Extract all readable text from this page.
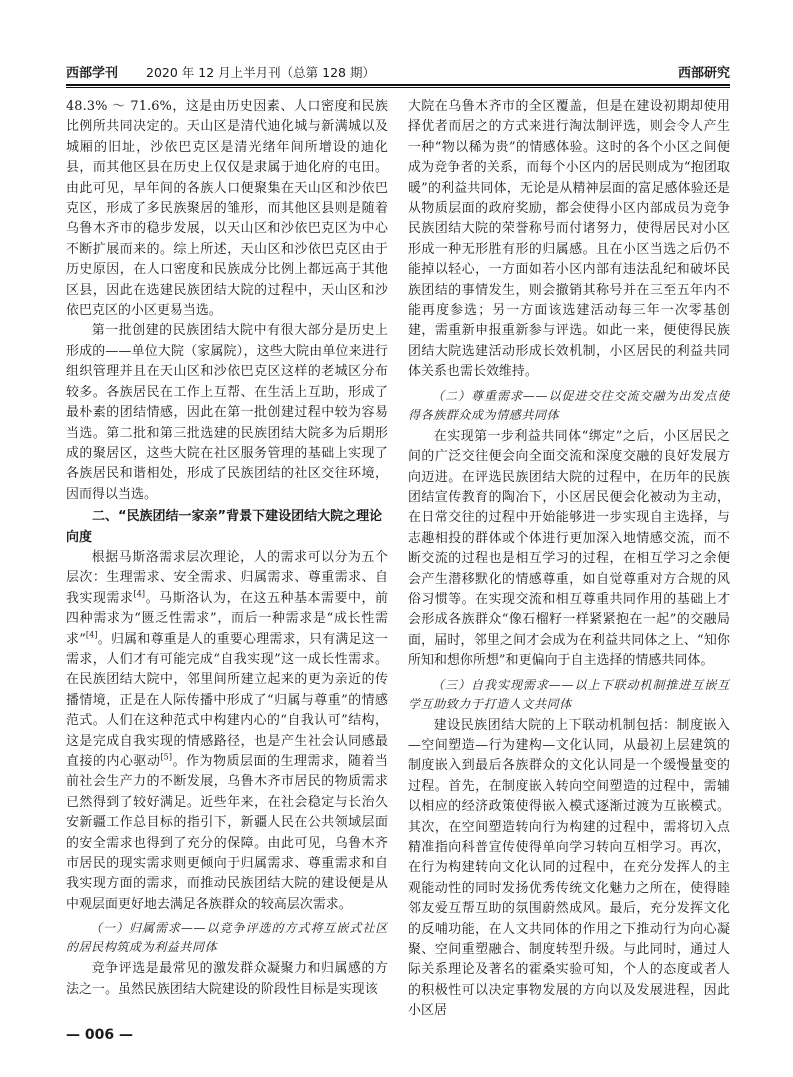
西部学刊 2020 年 12 月上半月刊（总第 128 期）	西部研究

48.3% ～ 71.6%，这是由历史因素、人口密度和民族比例所共同决定的。天山区是清代迪化城与新满城以及城厢的旧址，沙依巴克区是清光绪年间所增设的迪化县，而其他区县在历史上仅仅是隶属于迪化府的屯田。由此可见，早年间的各族人口便聚集在天山区和沙依巴克区，形成了多民族聚居的雏形，而其他区县则是随着乌鲁木齐市的稳步发展，以天山区和沙依巴克区为中心不断扩展而来的。综上所述，天山区和沙依巴克区由于历史原因，在人口密度和民族成分比例上都远高于其他区县，因此在选建民族团结大院的过程中，天山区和沙依巴克区的小区更易当选。

第一批创建的民族团结大院中有很大部分是历史上形成的——单位大院（家属院），这些大院由单位来进行组织管理并且在天山区和沙依巴克区这样的老城区分布较多。各族居民在工作上互帮、在生活上互助，形成了最朴素的团结情感，因此在第一批创建过程中较为容易当选。第二批和第三批选建的民族团结大院多为后期形成的聚居区，这些大院在社区服务管理的基础上实现了各族居民和谐相处，形成了民族团结的社区交往环境，因而得以当选。

二、“民族团结一家亲”背景下建设团结大院之理论向度

根据马斯洛需求层次理论，人的需求可以分为五个层次：生理需求、安全需求、归属需求、尊重需求、自我实现需求[4]。马斯洛认为，在这五种基本需要中，前四种需求为“匮乏性需求”，而后一种需求是“成长性需求”[4]。归属和尊重是人的重要心理需求，只有满足这一需求，人们才有可能完成“自我实现”这一成长性需求。在民族团结大院中，邻里间所建立起来的更为亲近的传播情境，正是在人际传播中形成了“归属与尊重”的情感范式。人们在这种范式中构建内心的“自我认可”结构，这是完成自我实现的情感路径，也是产生社会认同感最直接的内心驱动[5]。作为物质层面的生理需求，随着当前社会生产力的不断发展，乌鲁木齐市居民的物质需求已然得到了较好满足。近些年来，在社会稳定与长治久安新疆工作总目标的指引下，新疆人民在公共领域层面的安全需求也得到了充分的保障。由此可见，乌鲁木齐市居民的现实需求则更倾向于归属需求、尊重需求和自我实现方面的需求，而推动民族团结大院的建设便是从中观层面更好地去满足各族群众的较高层次需求。

（一）归属需求——以竞争评选的方式将互嵌式社区的居民构筑成为利益共同体

竞争评选是最常见的激发群众凝聚力和归属感的方法之一。虽然民族团结大院建设的阶段性目标是实现该

大院在乌鲁木齐市的全区覆盖，但是在建设初期却使用择优者而居之的方式来进行淘汰制评选，则会令人产生一种“物以稀为贵”的情感体验。这时的各个小区之间便成为竞争者的关系，而每个小区内的居民则成为“抱团取暖”的利益共同体，无论是从精神层面的富足感体验还是从物质层面的政府奖励，都会使得小区内部成员为竞争民族团结大院的荣誉称号而付诸努力，使得居民对小区形成一种无形胜有形的归属感。且在小区当选之后仍不能掉以轻心，一方面如若小区内部有违法乱纪和破坏民族团结的事情发生，则会撤销其称号并在三至五年内不能再度参选；另一方面该选建活动每三年一次零基创建，需重新申报重新参与评选。如此一来，便使得民族团结大院选建活动形成长效机制，小区居民的利益共同体关系也需长效维持。

（二）尊重需求——以促进交往交流交融为出发点使得各族群众成为情感共同体

在实现第一步利益共同体“绑定”之后，小区居民之间的广泛交往便会向全面交流和深度交融的良好发展方向迈进。在评选民族团结大院的过程中，在历年的民族团结宣传教育的陶冶下，小区居民便会化被动为主动，在日常交往的过程中开始能够进一步实现自主选择，与志趣相投的群体或个体进行更加深入地情感交流，而不断交流的过程也是相互学习的过程，在相互学习之余便会产生潜移默化的情感尊重，如自觉尊重对方合规的风俗习惯等。在实现交流和相互尊重共同作用的基础上才会形成各族群众“像石榴籽一样紧紧抱在一起”的交融局面，届时，邻里之间才会成为在利益共同体之上、“知你所知和想你所想”和更偏向于自主选择的情感共同体。

（三）自我实现需求——以上下联动机制推进互嵌互学互助致力于打造人文共同体

建设民族团结大院的上下联动机制包括：制度嵌入—空间塑造—行为建构—文化认同，从最初上层建筑的制度嵌入到最后各族群众的文化认同是一个缓慢量变的过程。首先，在制度嵌入转向空间塑造的过程中，需辅以相应的经济政策使得嵌入模式逐渐过渡为互嵌模式。其次，在空间塑造转向行为构建的过程中，需将切入点精准指向科普宣传使得单向学习转向互相学习。再次，在行为构建转向文化认同的过程中，在充分发挥人的主观能动性的同时发扬优秀传统文化魅力之所在，使得睦邻友爱互帮互助的氛围蔚然成风。最后，充分发挥文化的反哺功能，在人文共同体的作用之下推动行为向心凝聚、空间重塑融合、制度转型升级。与此同时，通过人际关系理论及著名的霍桑实验可知，个人的态度或者人的积极性可以决定事物发展的方向以及发展进程，因此小区居

— 006 —
